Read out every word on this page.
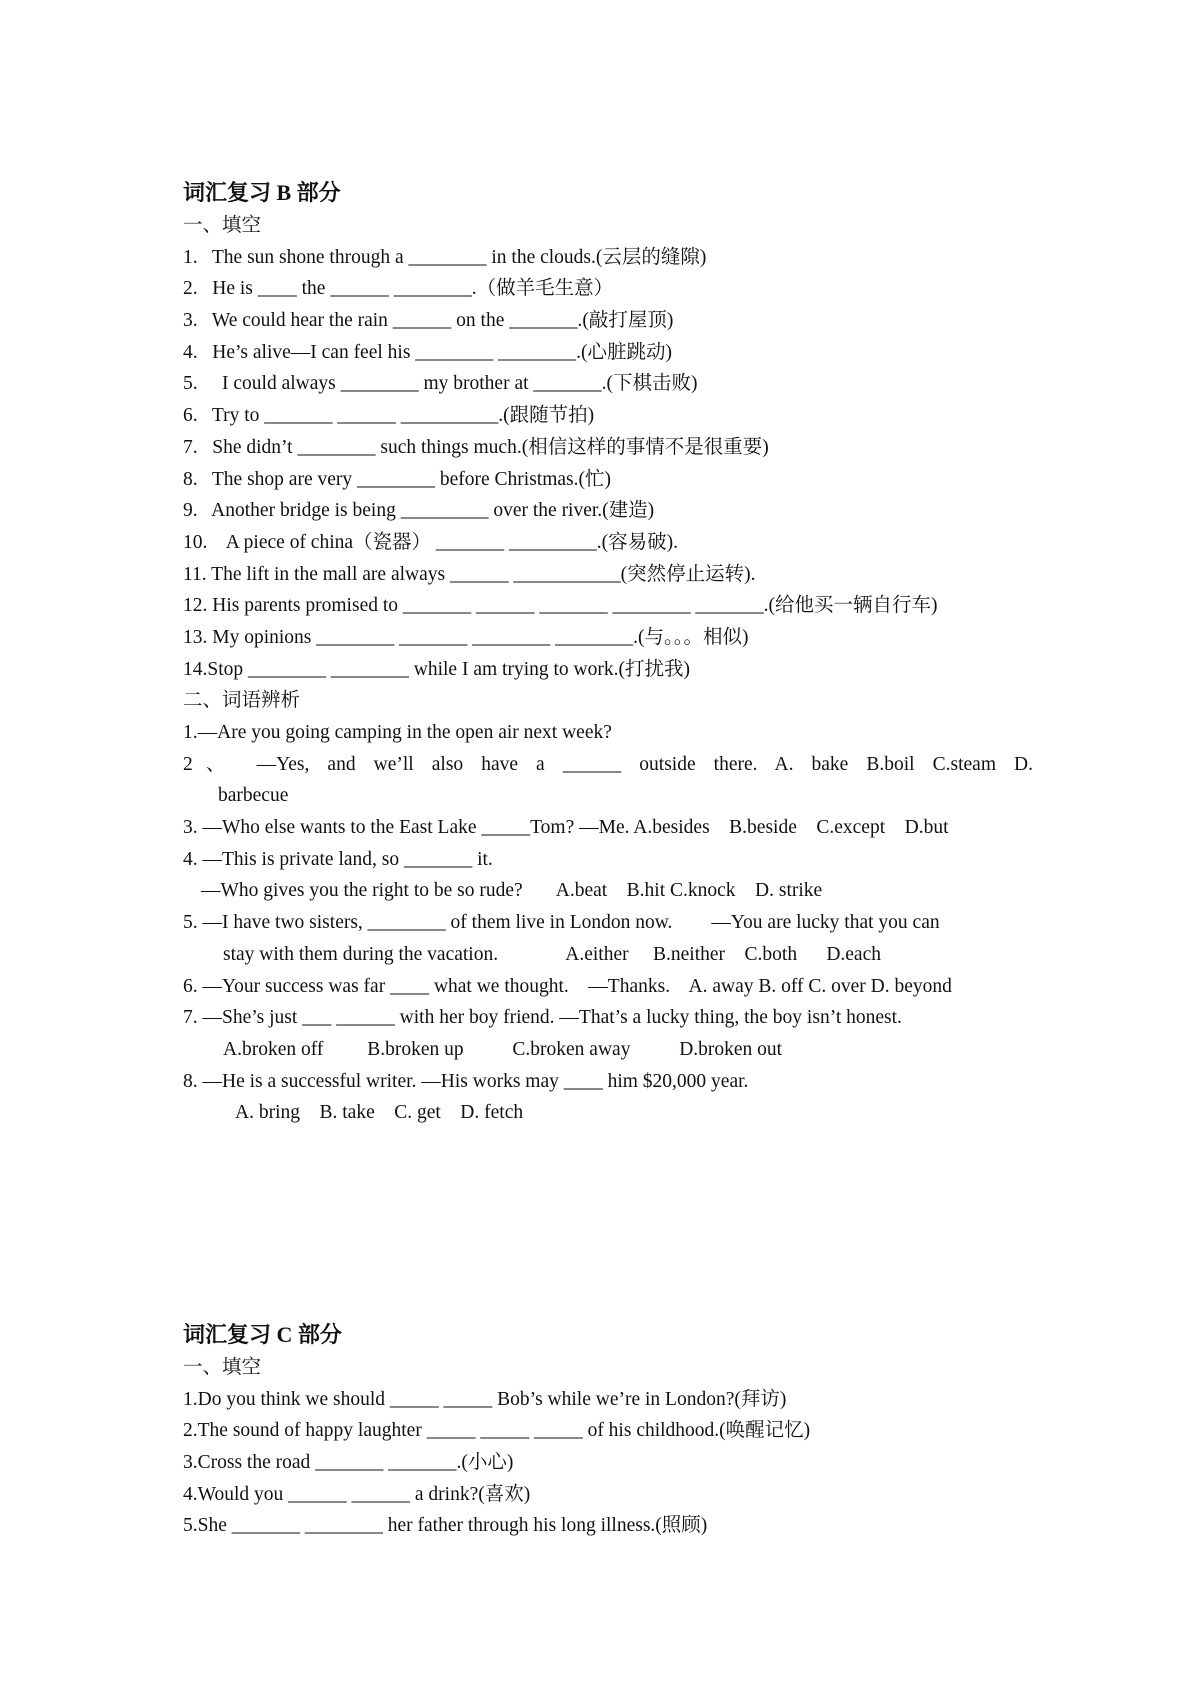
词汇复习 B 部分
一、填空
1.   The sun shone through a ________ in the clouds.(云层的缝隙)
2.   He is ____ the ______ ________.（做羊毛生意）
3.   We could hear the rain ______ on the _______.(敲打屋顶)
4.   He’s alive—I can feel his ________ ________.(心脏跳动)
5.     I could always ________ my brother at _______.(下棋击败)
6.   Try to _______ ______ __________.(跟随节拍)
7.   She didn’t ________ such things much.(相信这样的事情不是很重要)
8.   The shop are very ________ before Christmas.(忙)
9.   Another bridge is being _________ over the river.(建造)
10.    A piece of china（瓷器） _______ _________.(容易破).
11. The lift in the mall are always ______ ___________(突然停止运转).
12. His parents promised to _______ ______ _______ ________ _______.(给他买一辆自行车)
13. My opinions ________ _______ ________ ________.(与。。。相似)
14.Stop ________ ________ while I am trying to work.(打扰我)
二、词语辨析
1.—Are you going camping in the open air next week?
2、 —Yes, and we’ll also have a ______ outside there. A. bake B.boil C.steam D.
barbecue
3. —Who else wants to the East Lake _____Tom? —Me. A.besides    B.beside    C.except    D.but
4. —This is private land, so _______ it.
—Who gives you the right to be so rude?       A.beat    B.hit C.knock    D. strike
5. —I have two sisters, ________ of them live in London now.        —You are lucky that you can
stay with them during the vacation.              A.either     B.neither    C.both      D.each
6. —Your success was far ____ what we thought.    —Thanks.    A. away B. off C. over D. beyond
7. —She’s just ___ ______ with her boy friend. —That’s a lucky thing, the boy isn’t honest.
A.broken off         B.broken up          C.broken away          D.broken out
8. —He is a successful writer. —His works may ____ him $20,000 year.
A. bring    B. take    C. get    D. fetch
词汇复习 C 部分
一、填空
1.Do you think we should _____ _____ Bob’s while we’re in London?(拜访)
2.The sound of happy laughter _____ _____ _____ of his childhood.(唤醒记忆)
3.Cross the road _______ _______.(小心)
4.Would you ______ ______ a drink?(喜欢)
5.She _______ ________ her father through his long illness.(照顾)
